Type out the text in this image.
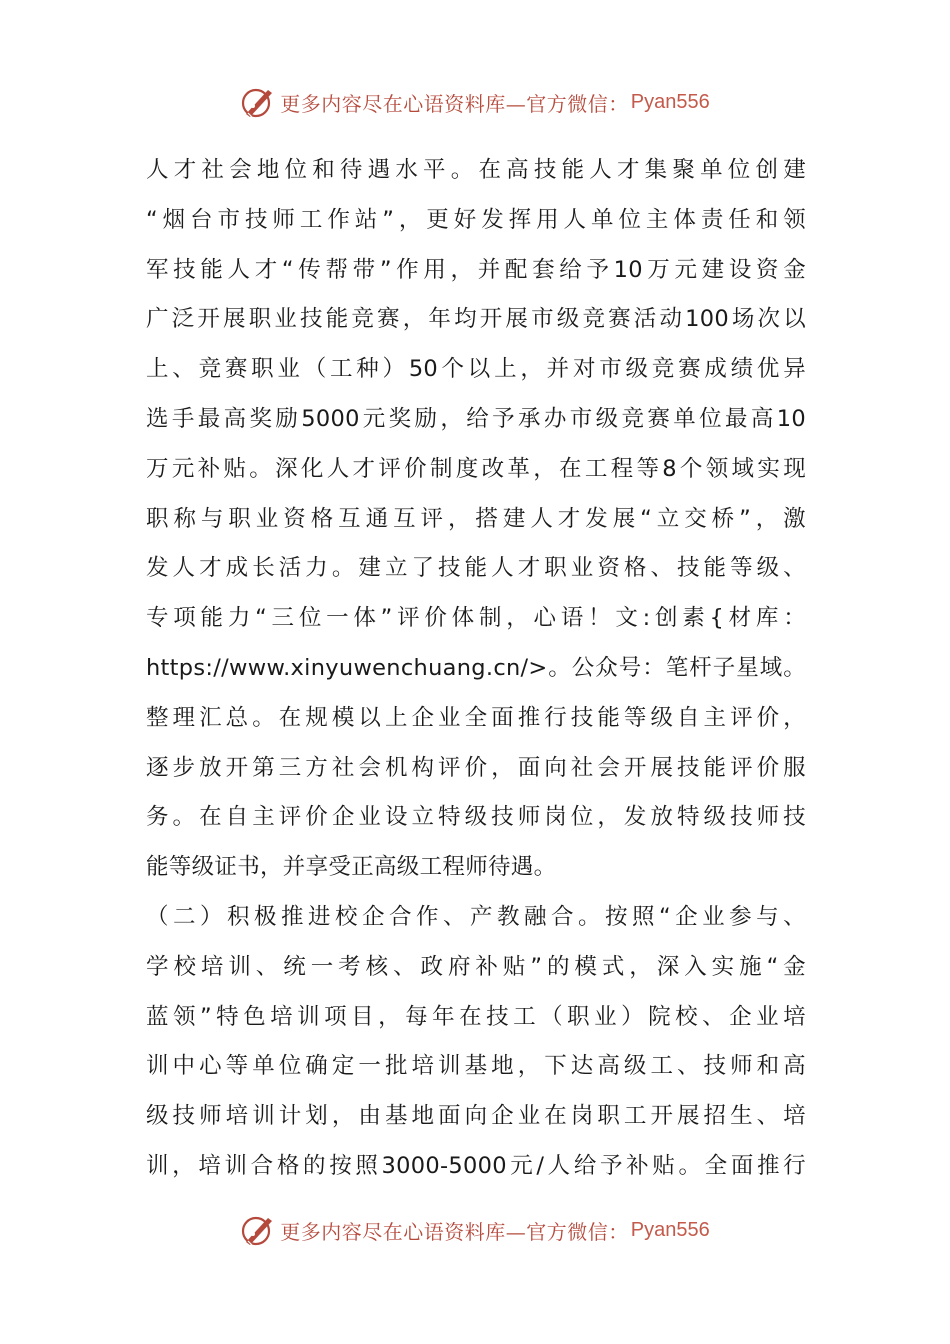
更多内容尽在心语资料库—官方微信： Pyan556
人才社会地位和待遇水平。在高技能人才集聚单位创建
“烟台市技师工作站”，更好发挥用人单位主体责任和领
军技能人才“传帮带”作用，并配套给予10万元建设资金
广泛开展职业技能竞赛，年均开展市级竞赛活动100场次以
上、竞赛职业（工种）50个以上，并对市级竞赛成绩优异
选手最高奖励5000元奖励，给予承办市级竞赛单位最高10
万元补贴。深化人才评价制度改革，在工程等8个领域实现
职称与职业资格互通互评，搭建人才发展“立交桥”，激
发人才成长活力。建立了技能人才职业资格、技能等级、
专项能力“三位一体”评价体制，心语！文:创素{材库：
https://www.xinyuwenchuang.cn/>。公众号：笔杆子星域。
整理汇总。在规模以上企业全面推行技能等级自主评价，
逐步放开第三方社会机构评价，面向社会开展技能评价服
务。在自主评价企业设立特级技师岗位，发放特级技师技
能等级证书，并享受正高级工程师待遇。
（二）积极推进校企合作、产教融合。按照“企业参与、
学校培训、统一考核、政府补贴”的模式，深入实施“金
蓝领”特色培训项目，每年在技工（职业）院校、企业培
训中心等单位确定一批培训基地，下达高级工、技师和高
级技师培训计划，由基地面向企业在岗职工开展招生、培
训，培训合格的按照3000-5000元/人给予补贴。全面推行
更多内容尽在心语资料库—官方微信： Pyan556
